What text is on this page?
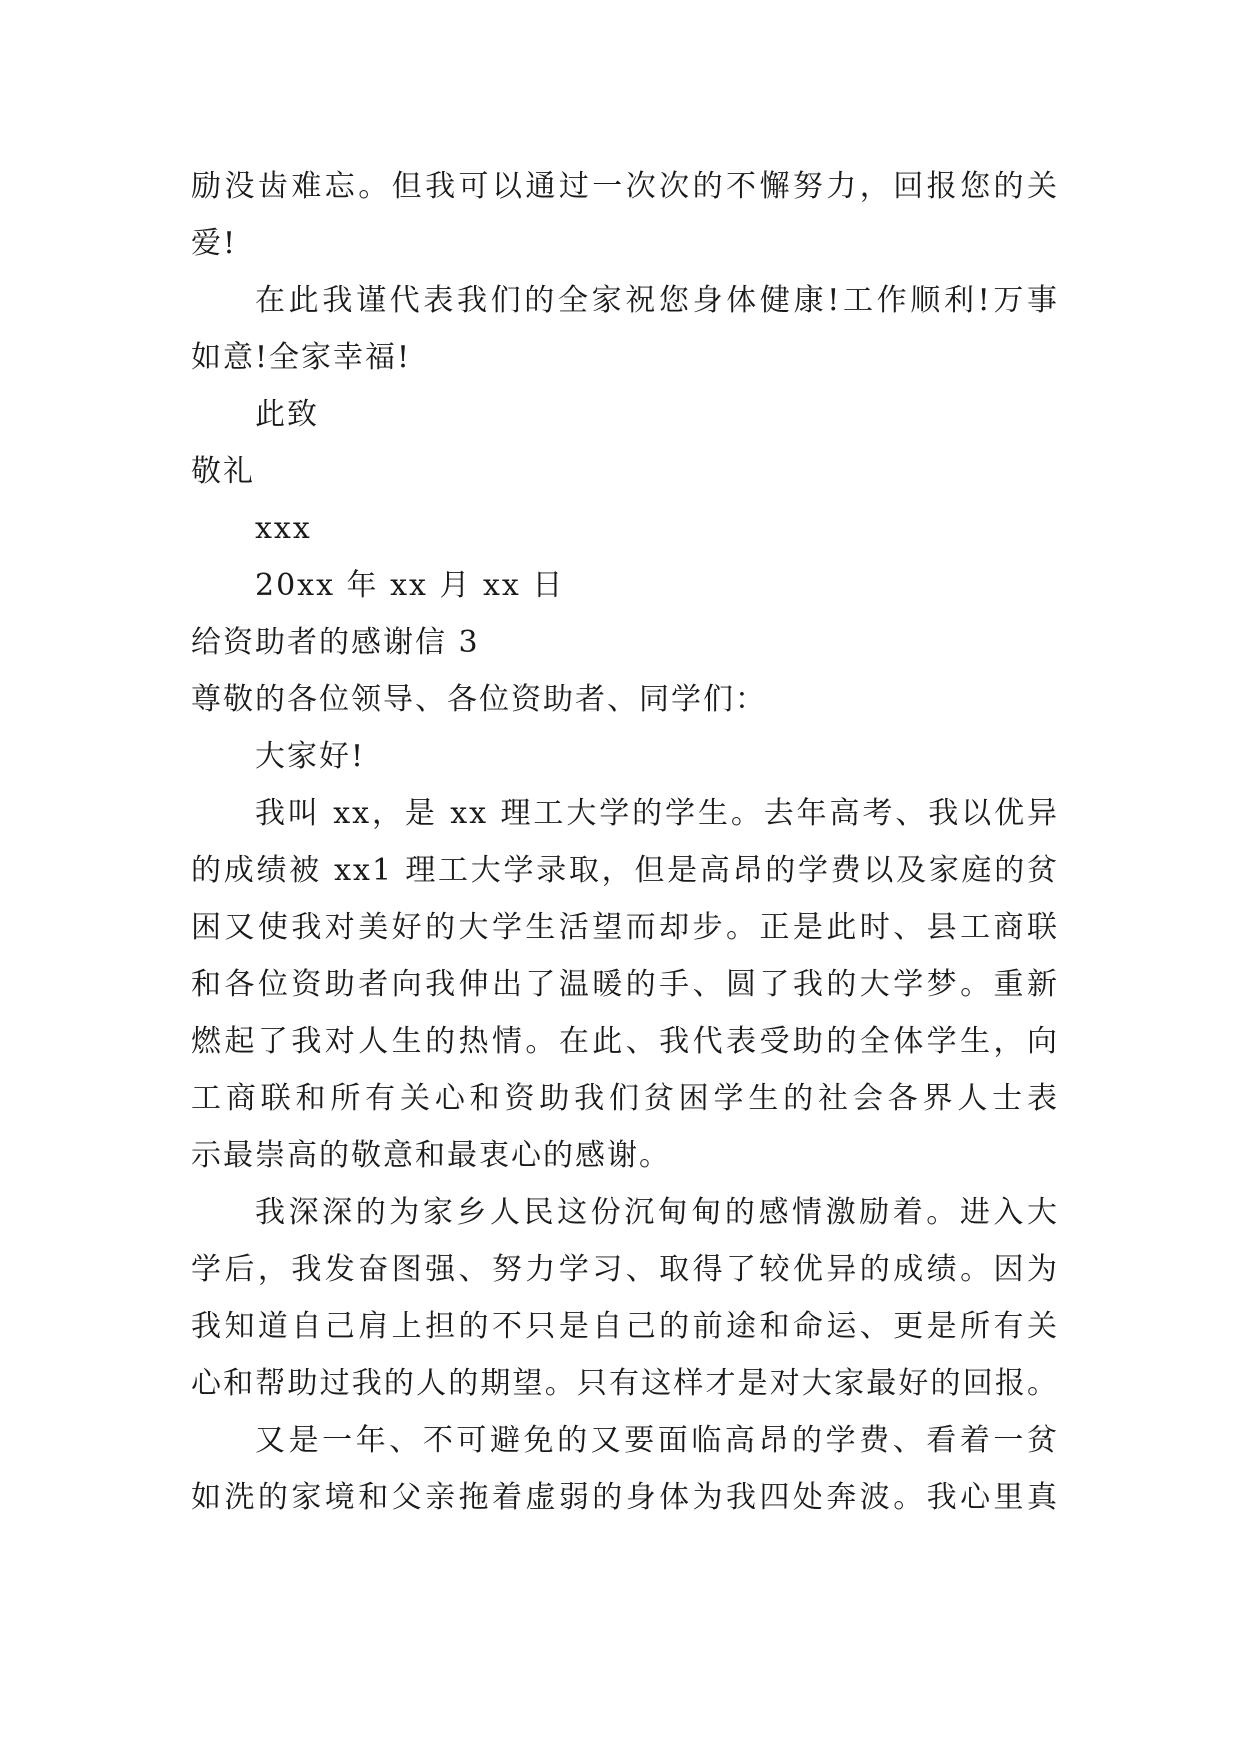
励没齿难忘。但我可以通过一次次的不懈努力，回报您的关
爱!
在此我谨代表我们的全家祝您身体健康!工作顺利!万事
如意!全家幸福!
此致
敬礼
xxx
20xx 年 xx 月 xx 日
给资助者的感谢信 3
尊敬的各位领导、各位资助者、同学们：
大家好!
我叫 xx，是 xx 理工大学的学生。去年高考、我以优异
的成绩被 xx1 理工大学录取，但是高昂的学费以及家庭的贫
困又使我对美好的大学生活望而却步。正是此时、县工商联
和各位资助者向我伸出了温暖的手、圆了我的大学梦。重新
燃起了我对人生的热情。在此、我代表受助的全体学生，向
工商联和所有关心和资助我们贫困学生的社会各界人士表
示最崇高的敬意和最衷心的感谢。
我深深的为家乡人民这份沉甸甸的感情激励着。进入大
学后，我发奋图强、努力学习、取得了较优异的成绩。因为
我知道自己肩上担的不只是自己的前途和命运、更是所有关
心和帮助过我的人的期望。只有这样才是对大家最好的回报。
又是一年、不可避免的又要面临高昂的学费、看着一贫
如洗的家境和父亲拖着虚弱的身体为我四处奔波。我心里真
